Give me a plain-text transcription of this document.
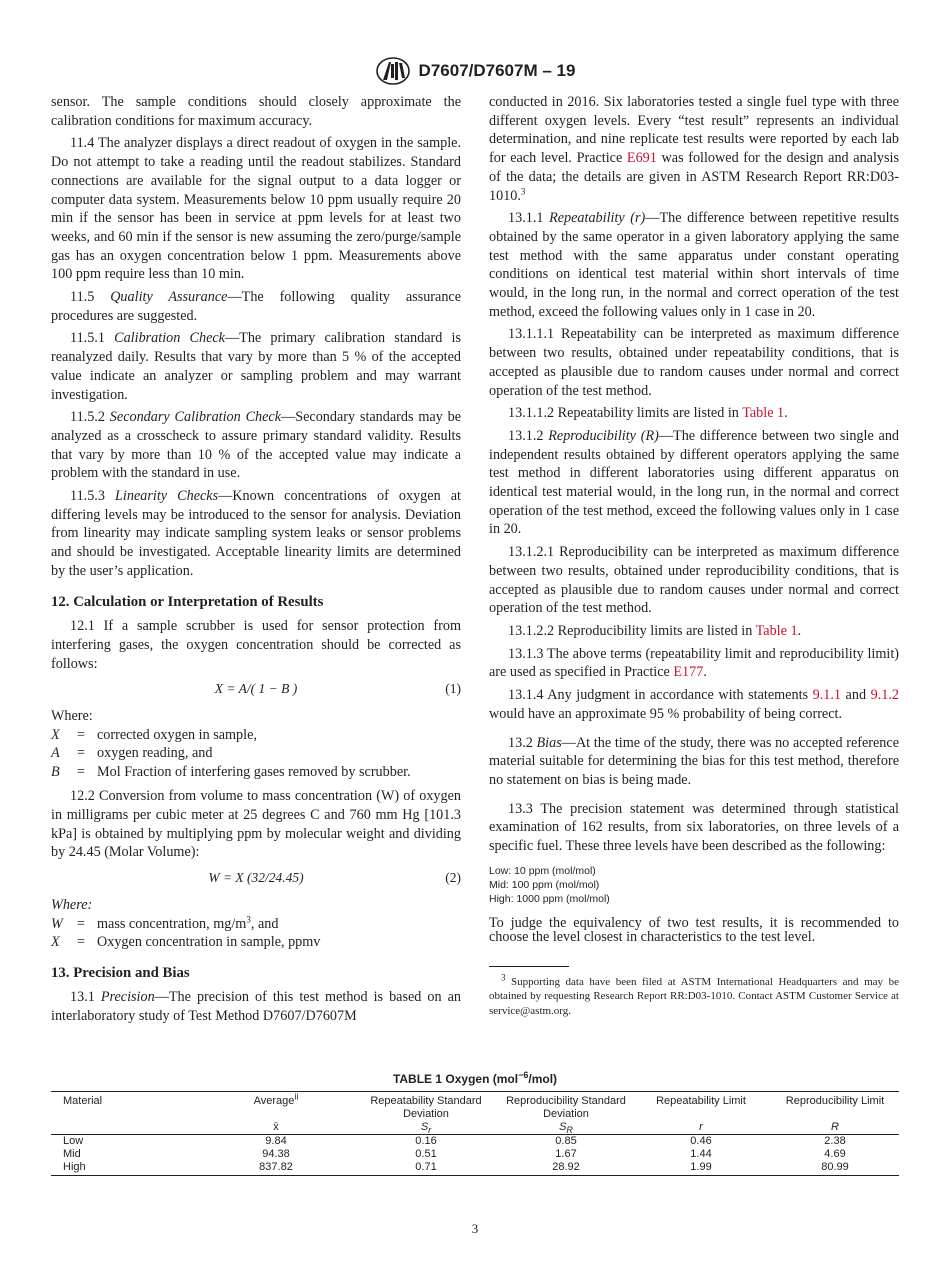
D7607/D7607M – 19

sensor. The sample conditions should closely approximate the calibration conditions for maximum accuracy.

11.4 The analyzer displays a direct readout of oxygen in the sample. Do not attempt to take a reading until the readout stabilizes. Standard connections are available for the signal output to a data logger or computer data system. Measurements below 10 ppm usually require 20 min if the sensor has been in service at ppm levels for at least two weeks, and 60 min if the sensor is new assuming the zero/purge/sample gas has an oxygen concentration below 1 ppm. Measurements above 100 ppm require less than 10 min.

11.5 Quality Assurance—The following quality assurance procedures are suggested.

11.5.1 Calibration Check—The primary calibration standard is reanalyzed daily. Results that vary by more than 5 % of the accepted value indicate an analyzer or sampling problem and may warrant investigation.

11.5.2 Secondary Calibration Check—Secondary standards may be analyzed as a crosscheck to assure primary standard validity. Results that vary by more than 10 % of the accepted value may indicate a problem with the standard in use.

11.5.3 Linearity Checks—Known concentrations of oxygen at differing levels may be introduced to the sensor for analysis. Deviation from linearity may indicate sampling system leaks or sensor problems and should be investigated. Acceptable linearity limits are determined by the user’s application.

12. Calculation or Interpretation of Results

12.1 If a sample scrubber is used for sensor protection from interfering gases, the oxygen concentration should be corrected as follows:

X = A/( 1 − B )	(1)
Where:
X	= corrected oxygen in sample,
A	= oxygen reading, and
B	= Mol Fraction of interfering gases removed by scrubber.

12.2 Conversion from volume to mass concentration (W) of oxygen in milligrams per cubic meter at 25 degrees C and 760 mm Hg [101.3 kPa] is obtained by multiplying ppm by molecular weight and dividing by 24.45 (Molar Volume):

W = X (32/24.45)	(2)
Where:
W = mass concentration, $mg/m^3$, and
X	= Oxygen concentration in sample, ppmv
13. Precision and Bias

13.1 Precision—The precision of this test method is based on an interlaboratory study of Test Method D7607/D7607M

conducted in 2016. Six laboratories tested a single fuel type with three different oxygen levels. Every “test result” represents an individual determination, and nine replicate test results were reported by each lab for each level. Practice E691 was followed for the design and analysis of the data; the details are given in ASTM Research Report RR:D03-1010.$^3$

13.1.1 Repeatability (r)—The difference between repetitive results obtained by the same operator in a given laboratory applying the same test method with the same apparatus under constant operating conditions on identical test material within short intervals of time would, in the long run, in the normal and correct operation of the test method, exceed the following values only in 1 case in 20.

13.1.1.1 Repeatability can be interpreted as maximum difference between two results, obtained under repeatability conditions, that is accepted as plausible due to random causes under normal and correct operation of the test method.

13.1.1.2 Repeatability limits are listed in Table 1.

13.1.2 Reproducibility (R)—The difference between two single and independent results obtained by different operators applying the same test method in different laboratories using different apparatus on identical test material would, in the long run, in the normal and correct operation of the test method, exceed the following values only in 1 case in 20.

13.1.2.1 Reproducibility can be interpreted as maximum difference between two results, obtained under reproducibility conditions, that is accepted as plausible due to random causes under normal and correct operation of the test method.

13.1.2.2 Reproducibility limits are listed in Table 1.

13.1.3 The above terms (repeatability limit and reproducibility limit) are used as specified in Practice E177.

13.1.4 Any judgment in accordance with statements 9.1.1 and 9.1.2 would have an approximate 95 % probability of being correct.

13.2 Bias—At the time of the study, there was no accepted reference material suitable for determining the bias for this test method, therefore no statement on bias is being made.

13.3 The precision statement was determined through statistical examination of 162 results, from six laboratories, on three levels of a specific fuel. These three levels have been described as the following:

Low: 10 ppm (mol/mol)
Mid: 100 ppm (mol/mol)
High: 1000 ppm (mol/mol)

To judge the equivalency of two test results, it is recommended to choose the level closest in characteristics to the test level.

$^3$ Supporting data have been filed at ASTM International Headquarters and may be obtained by requesting Research Report RR:D03-1010. Contact ASTM Customer Service at service@astm.org.

TABLE 1 Oxygen (mol$^{-6}$/mol)
Material	Average$^{ii}$	Repeatability Standard Deviation	Reproducibility Standard Deviation	Repeatability Limit	Reproducibility Limit
	x̄	$S_r$	$S_R$	r	R
Low	9.84	0.16	0.85	0.46	2.38
Mid	94.38	0.51	1.67	1.44	4.69
High	837.82	0.71	28.92	1.99	80.99
3
